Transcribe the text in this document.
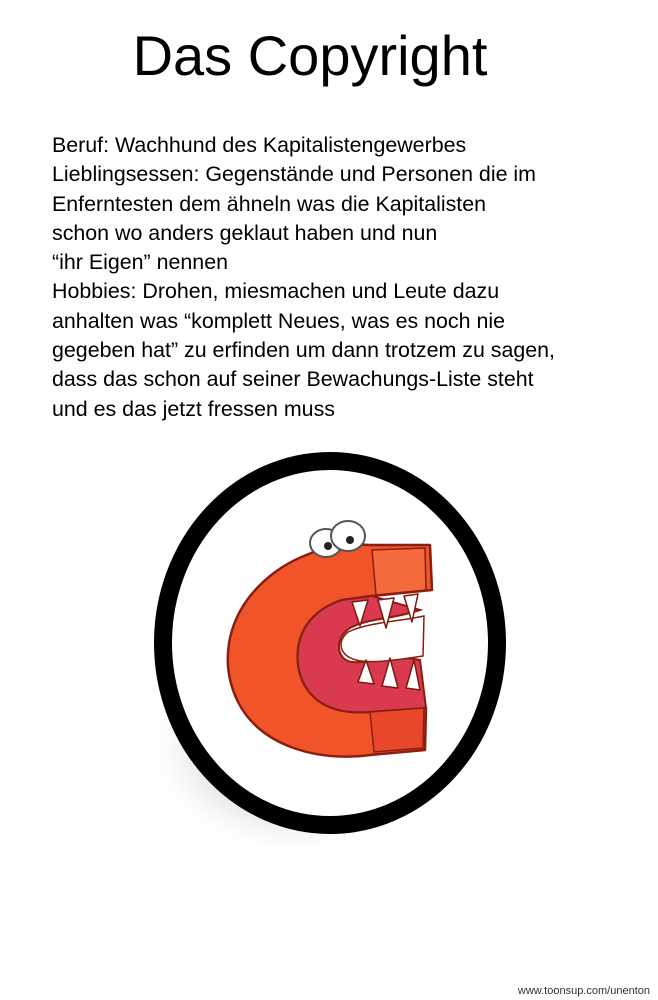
Das Copyright
Beruf: Wachhund des Kapitalistengewerbes
Lieblingsessen: Gegenstände und Personen die im
Enferntesten dem ähneln was die Kapitalisten
schon wo anders geklaut haben und nun
“ihr Eigen” nennen
Hobbies: Drohen, miesmachen und Leute dazu
anhalten was “komplett Neues, was es noch nie
gegeben hat” zu erfinden um dann trotzem zu sagen,
dass das schon auf seiner Bewachungs-Liste steht
und es das jetzt fressen muss
www.toonsup.com/unenton
